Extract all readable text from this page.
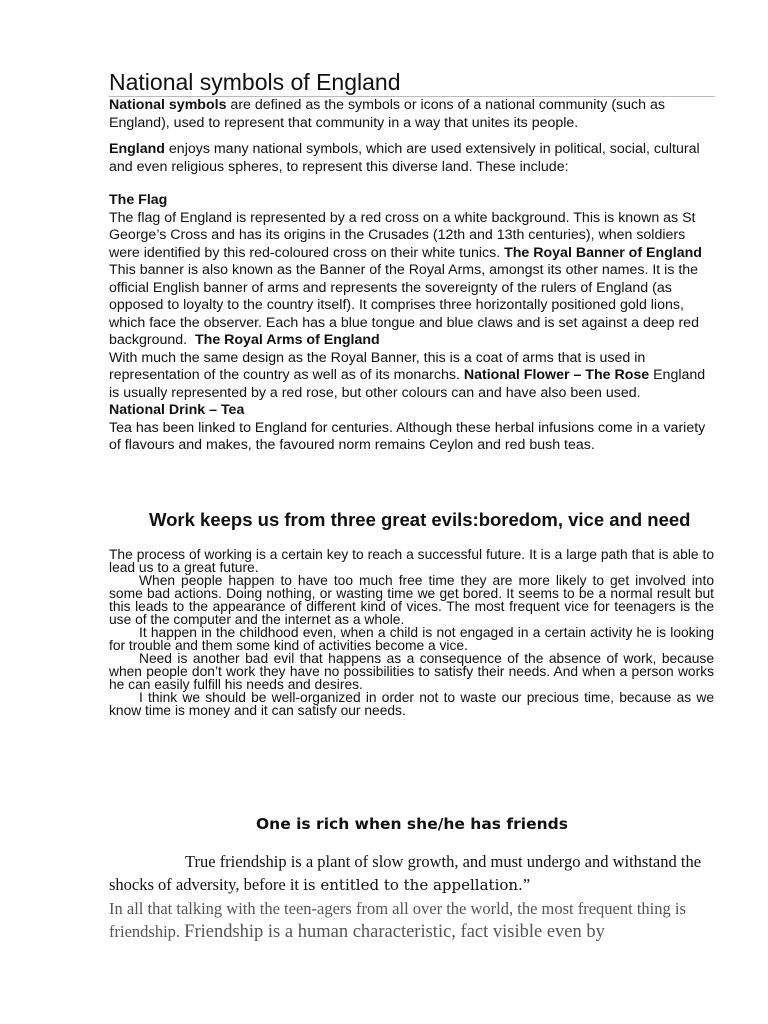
National symbols of England

National symbols are defined as the symbols or icons of a national community (such as England), used to represent that community in a way that unites its people.

England enjoys many national symbols, which are used extensively in political, social, cultural and even religious spheres, to represent this diverse land. These include:

The Flag

The flag of England is represented by a red cross on a white background. This is known as St George’s Cross and has its origins in the Crusades (12th and 13th centuries), when soldiers were identified by this red-coloured cross on their white tunics. The Royal Banner of England This banner is also known as the Banner of the Royal Arms, amongst its other names. It is the official English banner of arms and represents the sovereignty of the rulers of England (as opposed to loyalty to the country itself). It comprises three horizontally positioned gold lions, which face the observer. Each has a blue tongue and blue claws and is set against a deep red background. The Royal Arms of England

With much the same design as the Royal Banner, this is a coat of arms that is used in representation of the country as well as of its monarchs. National Flower – The Rose England is usually represented by a red rose, but other colours can and have also been used.

National Drink – Tea

Tea has been linked to England for centuries. Although these herbal infusions come in a variety of flavours and makes, the favoured norm remains Ceylon and red bush teas.

Work keeps us from three great evils:boredom, vice and need

The process of working is a certain key to reach a successful future. It is a large path that is able to lead us to a great future.

When people happen to have too much free time they are more likely to get involved into some bad actions. Doing nothing, or wasting time we get bored. It seems to be a normal result but this leads to the appearance of different kind of vices. The most frequent vice for teenagers is the use of the computer and the internet as a whole.

It happen in the childhood even, when a child is not engaged in a certain activity he is looking for trouble and them some kind of activities become a vice.

Need is another bad evil that happens as a consequence of the absence of work, because when people don’t work they have no possibilities to satisfy their needs. And when a person works he can easily fulfill his needs and desires.

I think we should be well-organized in order not to waste our precious time, because as we know time is money and it can satisfy our needs.

One is rich when she/he has friends

True friendship is a plant of slow growth, and must undergo and withstand the shocks of adversity, before it is entitled to the appellation.”

In all that talking with the teen-agers from all over the world, the most frequent thing is friendship. Friendship is a human characteristic, fact visible even by
